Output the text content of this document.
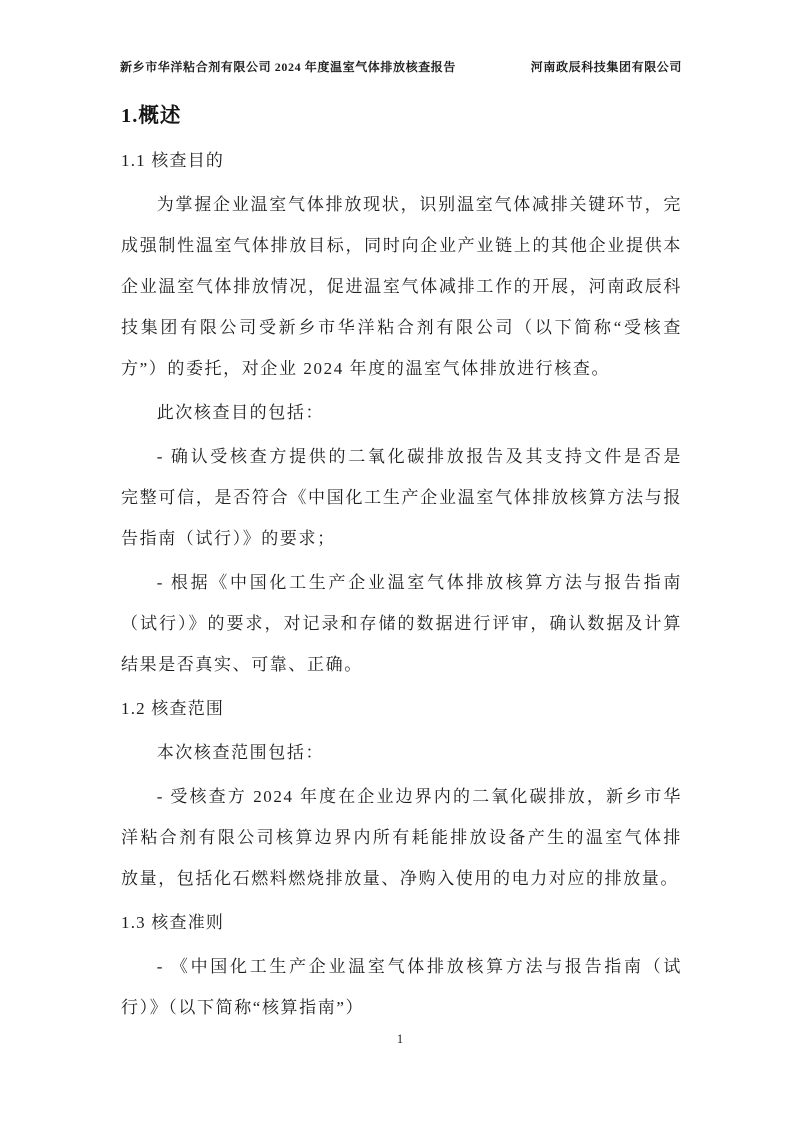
新乡市华洋粘合剂有限公司 2024 年度温室气体排放核查报告	河南政辰科技集团有限公司
1.概述
1.1 核查目的
为掌握企业温室气体排放现状，识别温室气体减排关键环节，完
成强制性温室气体排放目标，同时向企业产业链上的其他企业提供本
企业温室气体排放情况，促进温室气体减排工作的开展，河南政辰科
技集团有限公司受新乡市华洋粘合剂有限公司（以下简称“受核查
方”）的委托，对企业 2024 年度的温室气体排放进行核查。
此次核查目的包括：
- 确认受核查方提供的二氧化碳排放报告及其支持文件是否是
完整可信，是否符合《中国化工生产企业温室气体排放核算方法与报
告指南（试行）》的要求；
- 根据《中国化工生产企业温室气体排放核算方法与报告指南
（试行）》的要求，对记录和存储的数据进行评审，确认数据及计算
结果是否真实、可靠、正确。
1.2 核查范围
本次核查范围包括：
- 受核查方 2024 年度在企业边界内的二氧化碳排放，新乡市华
洋粘合剂有限公司核算边界内所有耗能排放设备产生的温室气体排
放量，包括化石燃料燃烧排放量、净购入使用的电力对应的排放量。
1.3 核查准则
- 《中国化工生产企业温室气体排放核算方法与报告指南（试
行）》（以下简称“核算指南”）
1
